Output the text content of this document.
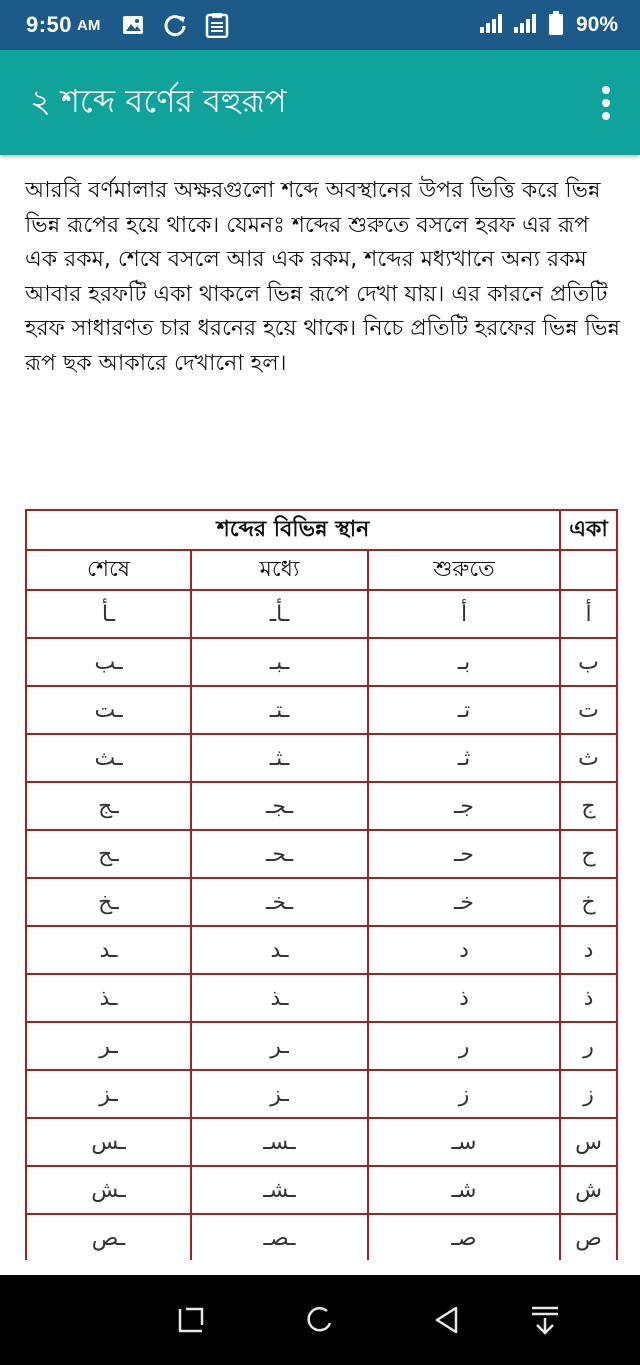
9:50 AM	90%
২ শব্দে বর্ণের বহুরূপ

আরবি বর্ণমালার অক্ষরগুলো শব্দে অবস্থানের উপর ভিত্তি করে ভিন্ন ভিন্ন রূপের হয়ে থাকে। যেমনঃ শব্দের শুরুতে বসলে হরফ এর রূপ এক রকম, শেষে বসলে আর এক রকম, শব্দের মধ্যখানে অন্য রকম আবার হরফটি একা থাকলে ভিন্ন রূপে দেখা যায়। এর কারনে প্রতিটি হরফ সাধারণত চার ধরনের হয়ে থাকে। নিচে প্রতিটি হরফের ভিন্ন ভিন্ন রূপ ছক আকারে দেখানো হল।

শব্দের বিভিন্ন স্থান			একা
শেষে	মধ্যে	শুরুতে	
ـأ	ـأـ	أ	أ
ـب	ـبـ	بـ	ب
ـت	ـتـ	تـ	ت
ـث	ـثـ	ثـ	ث
ـج	ـجـ	جـ	ج
ـح	ـحـ	حـ	ح
ـخ	ـخـ	خـ	خ
ـد	ـد	د	د
ـذ	ـذ	ذ	ذ
ـر	ـر	ر	ر
ـز	ـز	ز	ز
ـس	ـسـ	سـ	س
ـش	ـشـ	شـ	ش
ـص	ـصـ	صـ	ص
